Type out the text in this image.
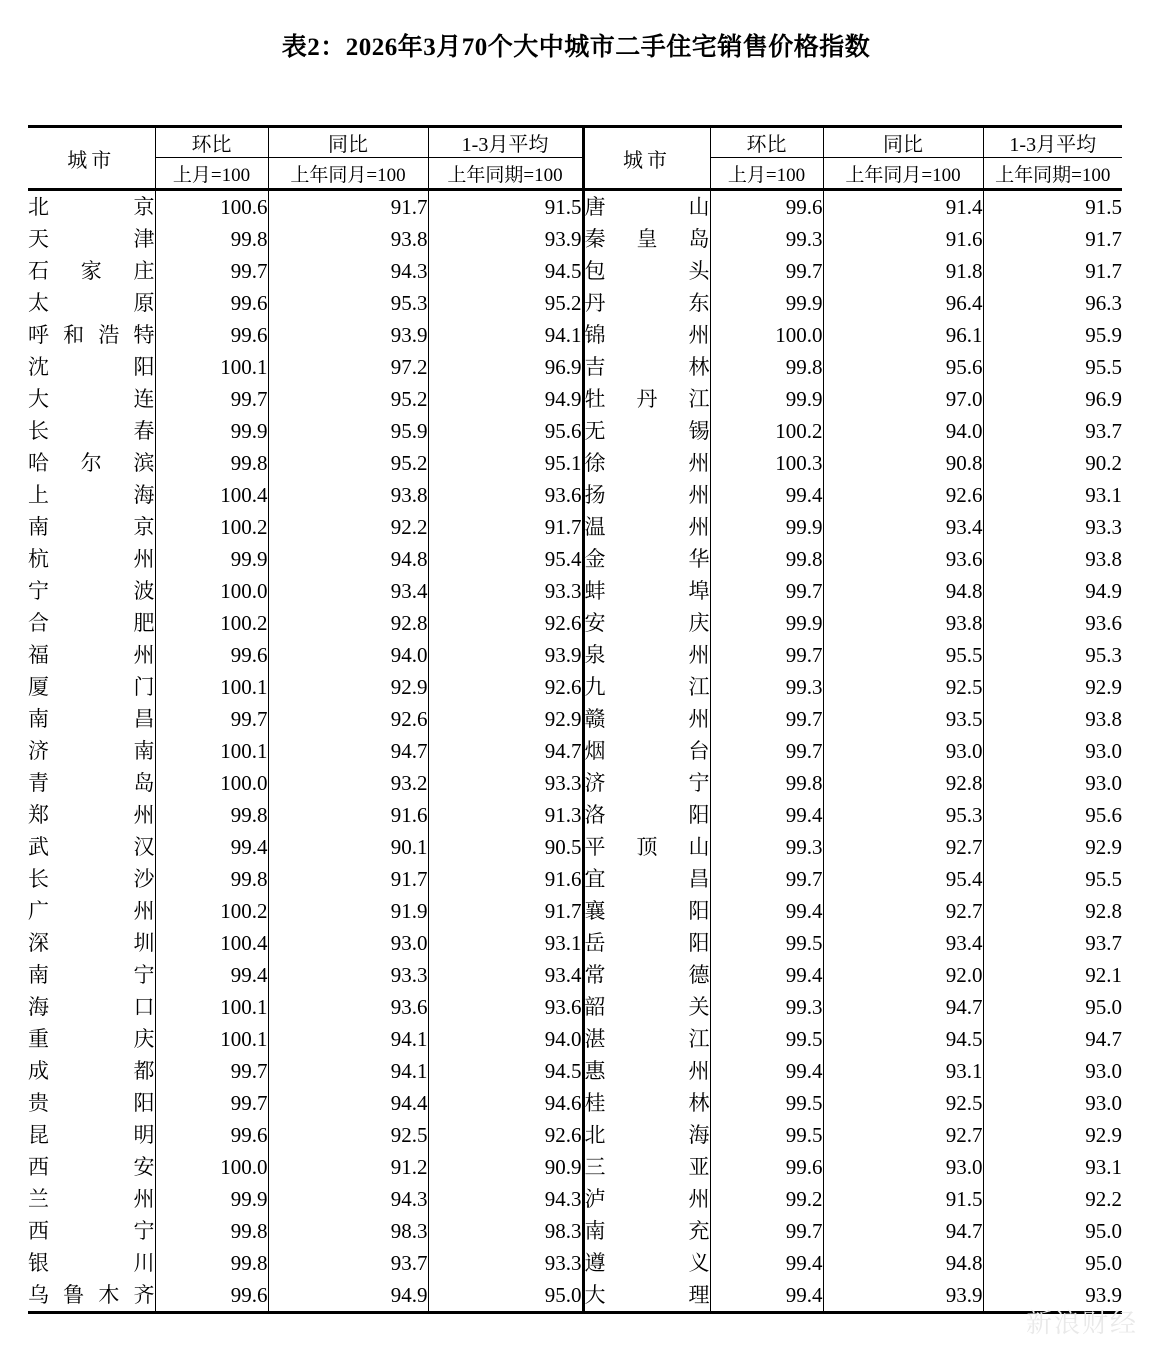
表2：2026年3月70个大中城市二手住宅销售价格指数
城市	环比	同比	1-3月平均	城市	环比	同比	1-3月平均
	上月=100	上年同月=100	上年同期=100		上月=100	上年同月=100	上年同期=100

北京	100.6	91.7	91.5	唐山	99.6	91.4	91.5

天津	99.8	93.8	93.9	秦皇岛	99.3	91.6	91.7

石家庄	99.7	94.3	94.5	包头	99.7	91.8	91.7

太原	99.6	95.3	95.2	丹东	99.9	96.4	96.3

呼和浩特	99.6	93.9	94.1	锦州	100.0	96.1	95.9

沈阳	100.1	97.2	96.9	吉林	99.8	95.6	95.5

大连	99.7	95.2	94.9	牡丹江	99.9	97.0	96.9

长春	99.9	95.9	95.6	无锡	100.2	94.0	93.7

哈尔滨	99.8	95.2	95.1	徐州	100.3	90.8	90.2

上海	100.4	93.8	93.6	扬州	99.4	92.6	93.1

南京	100.2	92.2	91.7	温州	99.9	93.4	93.3

杭州	99.9	94.8	95.4	金华	99.8	93.6	93.8

宁波	100.0	93.4	93.3	蚌埠	99.7	94.8	94.9

合肥	100.2	92.8	92.6	安庆	99.9	93.8	93.6

福州	99.6	94.0	93.9	泉州	99.7	95.5	95.3

厦门	100.1	92.9	92.6	九江	99.3	92.5	92.9

南昌	99.7	92.6	92.9	赣州	99.7	93.5	93.8

济南	100.1	94.7	94.7	烟台	99.7	93.0	93.0

青岛	100.0	93.2	93.3	济宁	99.8	92.8	93.0

郑州	99.8	91.6	91.3	洛阳	99.4	95.3	95.6

武汉	99.4	90.1	90.5	平顶山	99.3	92.7	92.9

长沙	99.8	91.7	91.6	宜昌	99.7	95.4	95.5

广州	100.2	91.9	91.7	襄阳	99.4	92.7	92.8

深圳	100.4	93.0	93.1	岳阳	99.5	93.4	93.7

南宁	99.4	93.3	93.4	常德	99.4	92.0	92.1

海口	100.1	93.6	93.6	韶关	99.3	94.7	95.0

重庆	100.1	94.1	94.0	湛江	99.5	94.5	94.7

成都	99.7	94.1	94.5	惠州	99.4	93.1	93.0

贵阳	99.7	94.4	94.6	桂林	99.5	92.5	93.0

昆明	99.6	92.5	92.6	北海	99.5	92.7	92.9

西安	100.0	91.2	90.9	三亚	99.6	93.0	93.1

兰州	99.9	94.3	94.3	泸州	99.2	91.5	92.2

西宁	99.8	98.3	98.3	南充	99.7	94.7	95.0

银川	99.8	93.7	93.3	遵义	99.4	94.8	95.0

乌鲁木齐	99.6	94.9	95.0	大理	99.4	93.9	93.9
新浪财经
